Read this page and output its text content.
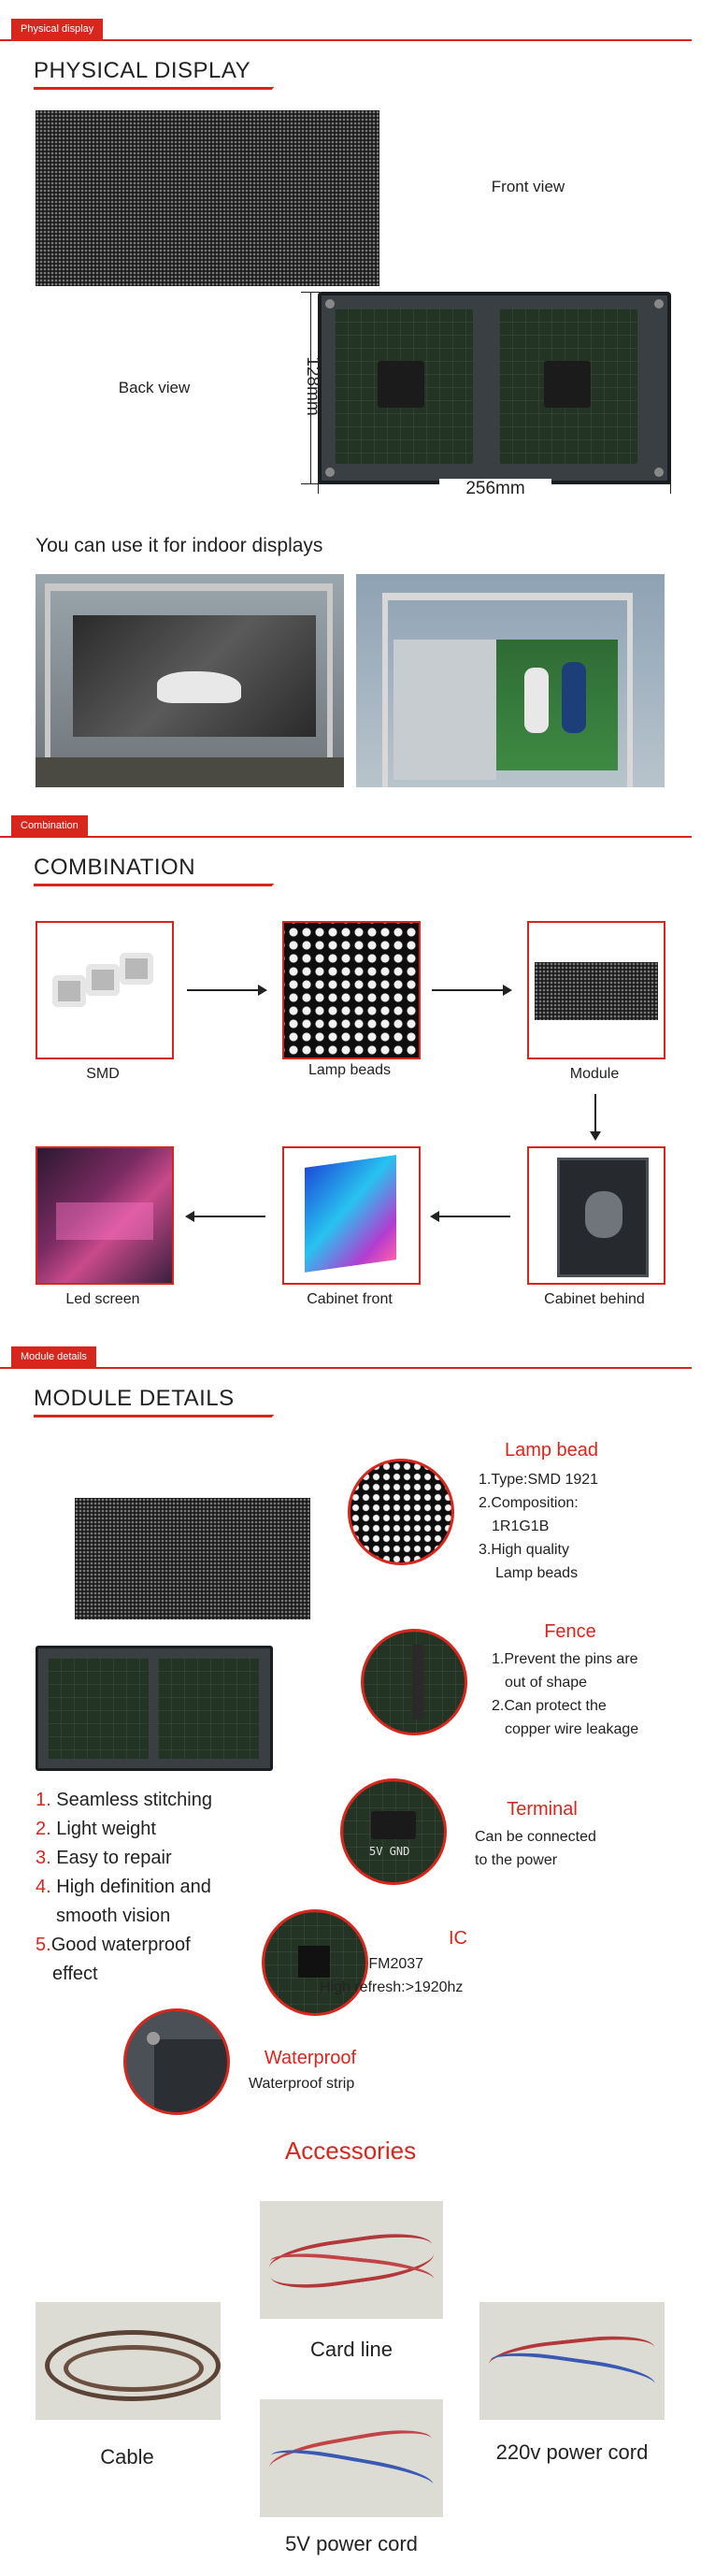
Physical display
PHYSICAL DISPLAY
Front view
Back view	128mm
256mm
You can use it for indoor displays
Combination
COMBINATION
SMD	Lamp beads	Module
Led screen	Cabinet front	Cabinet behind
Module details
MODULE DETAILS
Lamp bead
1.Type:SMD 1921
2.Composition:
1R1G1B
3.High quality
Lamp beads
Fence
1.Prevent the pins are
out of shape
2.Can protect the
copper wire leakage
5V GND
Terminal
Can be connected
to the power
IC
FM2037
High refresh:>1920hz
Waterproof
Waterproof strip
1. Seamless stitching
2. Light weight
3. Easy to repair
4. High definition and
smooth vision
5.Good waterproof
effect
Accessories
Card line
Cable	220v power cord
5V power cord
